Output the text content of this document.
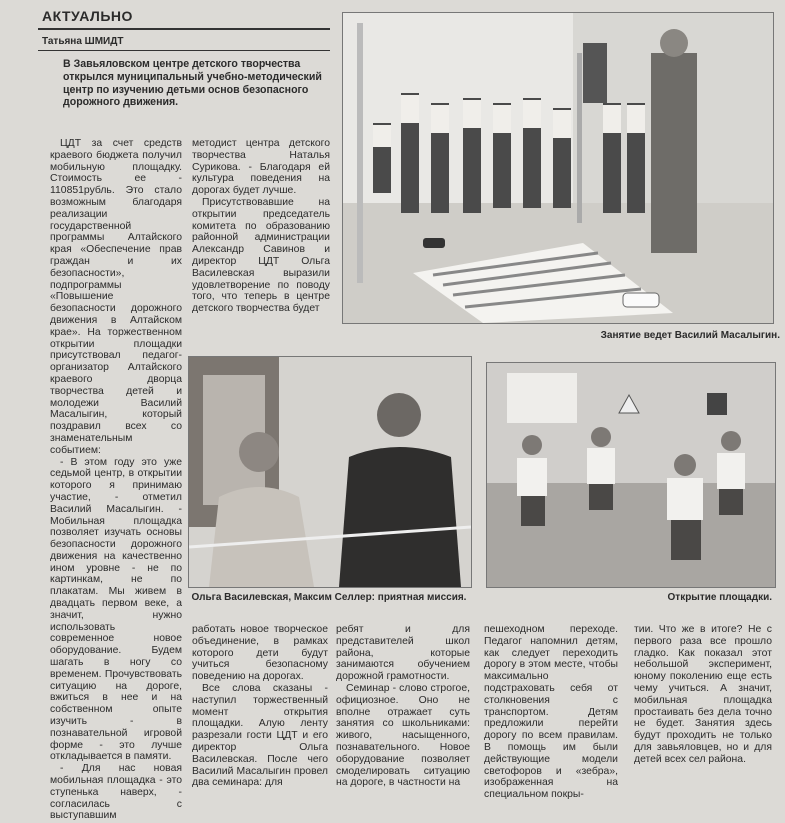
АКТУАЛЬНО
Татьяна ШМИДТ
В Завьяловском центре детского творчества открылся муниципальный учебно-методический центр по изучению детьми основ безопасного дорожного движения.

ЦДТ за счет средств краевого бюджета получил мобильную площадку. Стоимость ее - 110851рубль. Это стало возможным благодаря реализации государственной программы Алтайского края «Обеспечение прав граждан и их безопасности», подпрограммы «Повышение безопасности дорожного движения в Алтайском крае». На торжественном открытии площадки присутствовал педагог-организатор Алтайского краевого дворца творчества детей и молодежи Василий Масалыгин, который поздравил всех со знаменательным событием:

- В этом году это уже седьмой центр, в открытии которого я принимаю участие, - отметил Василий Масалыгин. - Мобильная площадка позволяет изучать основы безопасности дорожного движения на качественно ином уровне - не по картинкам, не по плакатам. Мы живем в двадцать первом веке, а значит, нужно использовать современное новое оборудование. Будем шагать в ногу со временем. Прочувствовать ситуацию на дороге, вжиться в нее и на собственном опыте изучить - в познавательной игровой форме - это лучше откладывается в памяти.

- Для нас новая мобильная площадка - это ступенька наверх, - согласилась с выступавшим

методист центра детского творчества Наталья Сурикова. - Благодаря ей культура поведения на дорогах будет лучше.

Присутствовавшие на открытии председатель комитета по образованию районной администрации Александр Савинов и директор ЦДТ Ольга Василевская выразили удовлетворение по поводу того, что теперь в центре детского творчества будет

Занятие ведет Василий Масалыгин.
Ольга Василевская, Максим Селлер: приятная миссия.	Открытие площадки.

работать новое творческое объединение, в рамках которого дети будут учиться безопасному поведению на дорогах.

Все слова сказаны - наступил торжественный момент открытия площадки. Алую ленту разрезали гости ЦДТ и его директор Ольга Василевская. После чего Василий Масалыгин провел два семинара: для

ребят и для представителей школ района, которые занимаются обучением дорожной грамотности.

Семинар - слово строгое, официозное. Оно не вполне отражает суть занятия со школьниками: живого, насыщенного, познавательного. Новое оборудование позволяет смоделировать ситуацию на дороге, в частности на

пешеходном переходе. Педагог напомнил детям, как следует переходить дорогу в этом месте, чтобы максимально подстраховать себя от столкновения с транспортом. Детям предложили перейти дорогу по всем правилам. В помощь им были действующие модели светофоров и «зебра», изображенная на специальном покры-

тии. Что же в итоге? Не с первого раза все прошло гладко. Как показал этот небольшой эксперимент, юному поколению еще есть чему учиться. А значит, мобильная площадка простаивать без дела точно не будет. Занятия здесь будут проходить не только для завьяловцев, но и для детей всех сел района.
